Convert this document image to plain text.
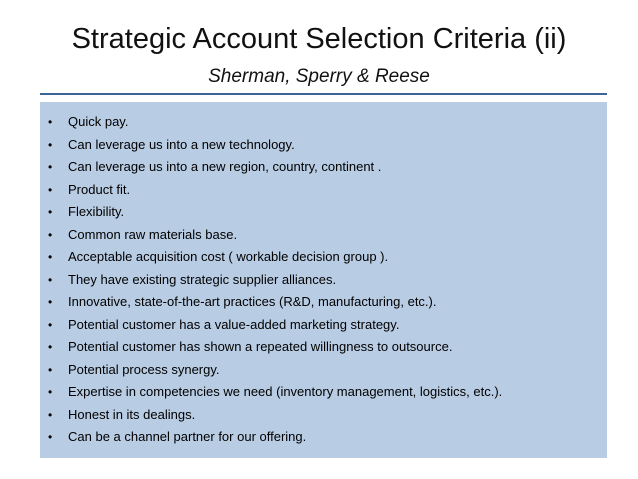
Strategic Account Selection Criteria (ii)
Sherman, Sperry & Reese
• Quick pay.
• Can leverage us into a new technology.
• Can leverage us into a new region, country, continent .
• Product fit.
• Flexibility.
• Common raw materials base.
• Acceptable acquisition cost ( workable decision group ).
• They have existing strategic supplier alliances.
• Innovative, state-of-the-art practices (R&D, manufacturing, etc.).
• Potential customer has a value-added marketing strategy.
• Potential customer has shown a repeated willingness to outsource.
• Potential process synergy.
• Expertise in competencies we need (inventory management, logistics, etc.).
• Honest in its dealings.
• Can be a channel partner for our offering.
